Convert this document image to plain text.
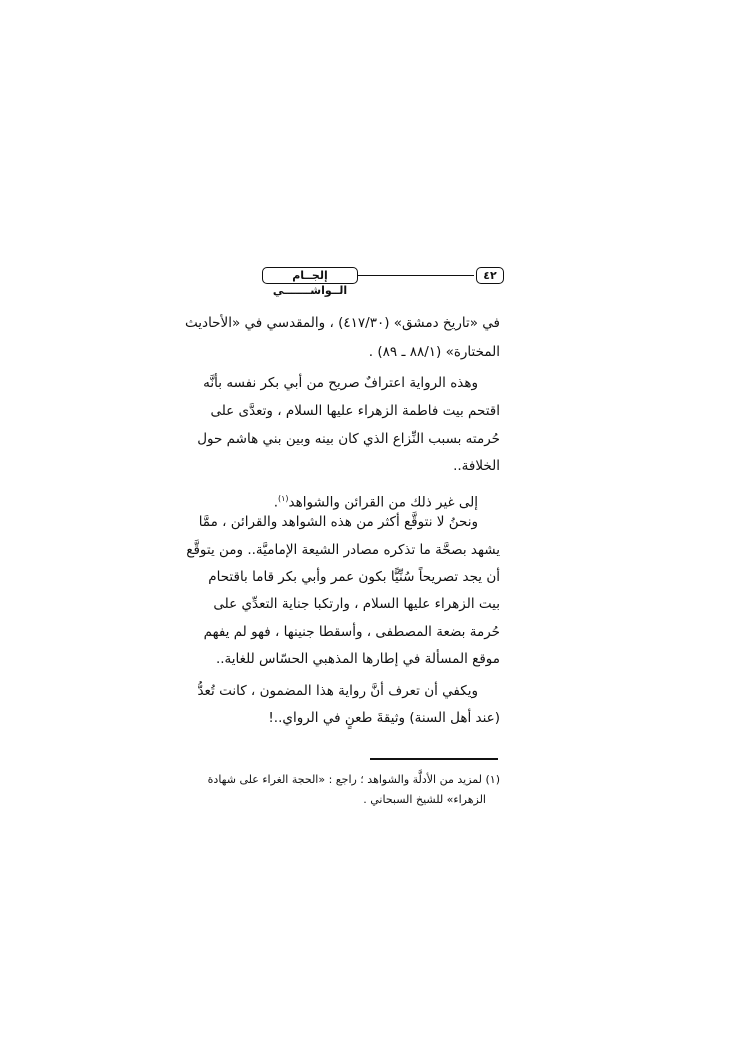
إلجــام الــواشـــــــي
٤٢
في «تاريخ دمشق» (٤١٧/٣٠) ، والمقدسي في «الأحاديث
المختارة» (٨٨/١ ـ ٨٩) .
وهذه الرواية اعترافٌ صريح من أبي بكر نفسه بأنَّه
اقتحم بيت فاطمة الزهراء عليها السلام ، وتعدَّى على
حُرمته بسبب النِّزاع الذي كان بينه وبين بني هاشم حول
الخلافة..
إلى غير ذلك من القرائن والشواهد$^{(١)}$.
ونحنُ لا نتوقَّع أكثر من هذه الشواهد والقرائن ، ممَّا
يشهد بصحَّة ما تذكره مصادر الشيعة الإماميَّة.. ومن يتوقَّع
أن يجد تصريحاً سُنِّيًّا بكون عمر وأبي بكر قاما باقتحام
بيت الزهراء عليها السلام ، وارتكبا جناية التعدِّي على
حُرمة بضعة المصطفى ، وأسقطا جنينها ، فهو لم يفهم
موقع المسألة في إطارها المذهبي الحسّاس للغاية..
ويكفي أن تعرف أنَّ رواية هذا المضمون ، كانت تُعدُّ
(عند أهل السنة) وثيقةَ طعنٍ في الرواي..!
(١) لمزيد من الأدلَّة والشواهد ؛ راجع : «الحجة الغراء على شهادة
الزهراء» للشيخ السبحاني .
